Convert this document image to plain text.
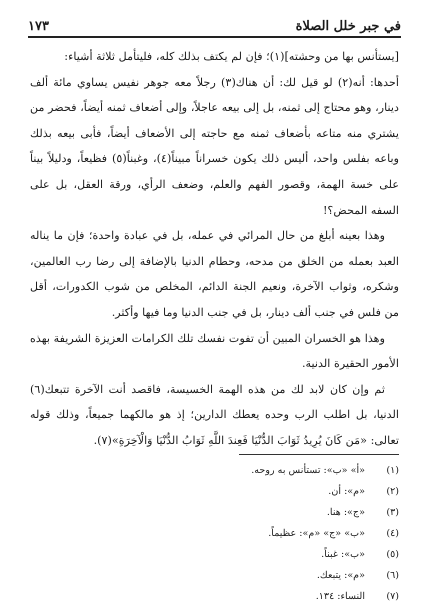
في جبر خلل الصلاة
١٧٣

[يستأنس بها من وحشته](١)؛ فإن لم يكتف بذلك كله، فليتأمل ثلاثة أشياء:

أحدها: أنه(٢) لو قيل لك: أن هناك(٣) رجلاً معه جوهر نفيس يساوي مائة ألف دينار، وهو محتاج إلى ثمنه، بل إلى بيعه عاجلاً، وإلى أضعاف ثمنه أيضاً، فحضر من يشتري منه متاعه بأضعاف ثمنه مع حاجته إلى الأضعاف أيضاً، فأبى بيعه بذلك وباعه بفلس واحد، أليس ذلك يكون خسراناً مبيناً(٤)، وغبناً(٥) فظيعاً، ودليلاً بيناً على خسة الهمة، وقصور الفهم والعلم، وضعف الرأي، ورقة العقل، بل على السفه المحض؟!

وهذا بعينه أبلغ من حال المرائي في عمله، بل في عبادة واحدة؛ فإن ما يناله العبد بعمله من الخلق من مدحه، وحطام الدنيا بالإضافة إلى رضا رب العالمين، وشكره، وثواب الآخرة، ونعيم الجنة الدائم، المخلص من شوب الكدورات، أقل من فلس في جنب ألف دينار، بل في جنب الدنيا وما فيها وأكثر.

وهذا هو الخسران المبين أن تفوت نفسك تلك الكرامات العزيزة الشريفة بهذه الأمور الحقيرة الدنية.

ثم وإن كان لابد لك من هذه الهمة الخسيسة، فاقصد أنت الآخرة تتبعك(٦) الدنيا، بل اطلب الرب وحده يعطك الدارين؛ إذ هو مالكهما جميعاً، وذلك قوله تعالى: «مَن كَانَ يُرِيدُ ثَوَابَ الدُّنْيَا فَعِندَ اللَّهِ ثَوَابُ الدُّنْيَا وَالْآخِرَةِ»(٧).

(١)
«أ» «ب»: تستأنس به روحه.
(٢)
«م»: أن.
(٣)
«ج»: هنا.
(٤)
«ب» «ج» «م»: عظيماً.
(٥)
«ب»: غبناً.
(٦)
«م»: يتبعك.
(٧)
النساء: ١٣٤.
